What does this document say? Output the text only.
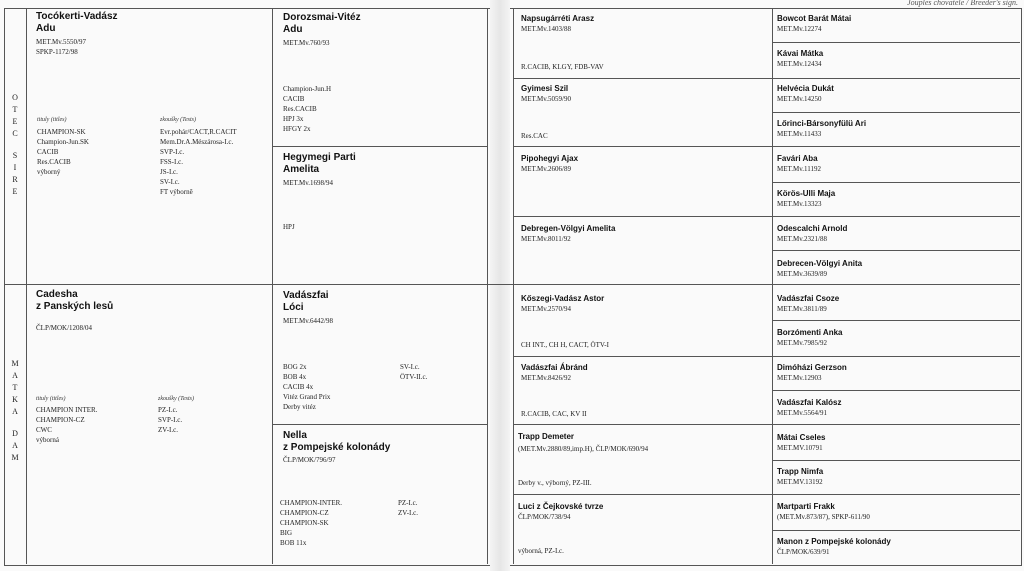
Jouples chovatele / Breeder's sign.
O
T
E
C
S
I
R
E
M
A
T
K
A
D
A
M
Tocókerti-Vadász
Adu
MET.Mv.5550/97
SPKP-1172/98
tituly (titles)	zkoušky (Tests)
CHAMPION-SK
Champion-Jun.SK
CACIB
Res.CACIB
výborný
Evr.pohár/CACT,R.CACIT
Mem.Dr.A.Mészárosa-I.c.
SVP-I.c.
FSS-I.c.
JS-I.c.
SV-I.c.
FT výborně
Cadesha
z Panských lesů
ČLP/MOK/1208/04
tituly (titles)	zkoušky (Tests)
CHAMPION INTER.
CHAMPION-CZ
CWC
výborná
PZ-I.c.
SVP-I.c.
ZV-I.c.
Dorozsmai-Vitéz
Adu
MET.Mv.760/93
Champion-Jun.H
CACIB
Res.CACIB
HPJ 3x
HFGY 2x
Hegymegi Parti
Amelita
MET.Mv.1698/94
HPJ
Vadászfai
Lóci
MET.Mv.6442/98
BOG 2x
BOB 4x
CACIB 4x
Vitéz Grand Prix
Derby vitéz
SV-I.c.
ÖTV-II.c.
Nella
z Pompejské kolonády
ČLP/MOK/796/97
CHAMPION-INTER.
CHAMPION-CZ
CHAMPION-SK
BIG
BOB 11x
PZ-I.c.
ZV-I.c.
Napsugárréti Arasz
MET.Mv.1403/88
R.CACIB, KLGY, FDB-VAV
Gyimesi Szil
MET.Mv.5059/90
Res.CAC
Pipohegyi Ajax
MET.Mv.2606/89
Debregen-Völgyi Amelita
MET.Mv.8011/92
Kőszegi-Vadász Astor
MET.Mv.2570/94
CH INT., CH H, CACT, ÖTV-I
Vadászfai Ábránd
MET.Mv.8426/92
R.CACIB, CAC, KV II
Trapp Demeter
(MET.Mv.2880/89,imp.H), ČLP/MOK/690/94
Derby v., výborný, PZ-III.
Luci z Čejkovské tvrze
ČLP/MOK/738/94
výborná, PZ-I.c.
Bowcot Barát Mátai
MET.Mv.12274
Kávai Mátka
MET.Mv.12434
Helvécia Dukát
MET.Mv.14250
Lőrinci-Bársonyfülü Ari
MET.Mv.11433
Favári Aba
MET.Mv.11192
Körös-Ulli Maja
MET.Mv.13323
Odescalchi Arnold
MET.Mv.2321/88
Debrecen-Völgyi Anita
MET.Mv.3639/89
Vadászfai Csoze
MET.Mv.3811/89
Borzómenti Anka
MET.Mv.7985/92
Dimóházi Gerzson
MET.Mv.12903
Vadászfai Kalósz
MET.Mv.5564/91
Mátai Cseles
MET.MV.10791
Trapp Nimfa
MET.MV.13192
Martparti Frakk
(MET.Mv.873/87), SPKP-611/90
Manon z Pompejské kolonády
ČLP/MOK/639/91
